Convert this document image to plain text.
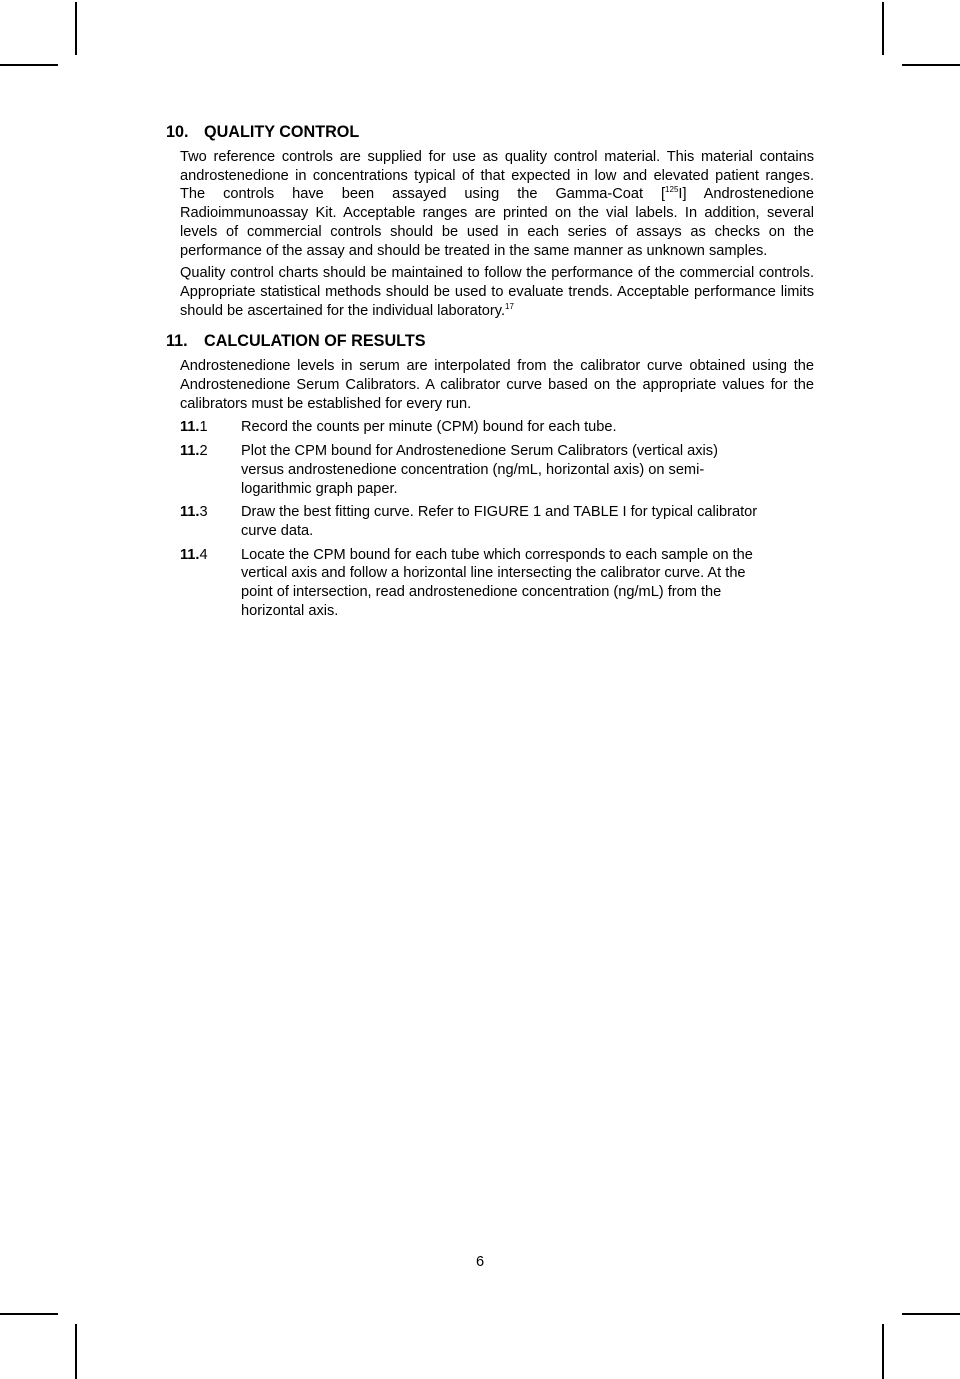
10. QUALITY CONTROL

Two reference controls are supplied for use as quality control material. This material contains androstenedione in concentrations typical of that expected in low and elevated patient ranges. The controls have been assayed using the Gamma-Coat [$^{125}$I] Androstenedione Radioimmunoassay Kit. Acceptable ranges are printed on the vial labels. In addition, several levels of commercial controls should be used in each series of assays as checks on the performance of the assay and should be treated in the same manner as unknown samples.

Quality control charts should be maintained to follow the performance of the commercial controls. Appropriate statistical methods should be used to evaluate trends. Acceptable performance limits should be ascertained for the individual laboratory.$^{17}$

11.	CALCULATION OF RESULTS

Androstenedione levels in serum are interpolated from the calibrator curve obtained using the Androstenedione Serum Calibrators. A calibrator curve based on the appropriate values for the calibrators must be established for every run.

11.1	Record the counts per minute (CPM) bound for each tube.
11.2	Plot the CPM bound for Androstenedione Serum Calibrators (vertical axis) versus androstenedione concentration (ng/mL, horizontal axis) on semi-logarithmic graph paper.
11.3	Draw the best fitting curve. Refer to FIGURE 1 and TABLE I for typical calibrator curve data.
11.4	Locate the CPM bound for each tube which corresponds to each sample on the vertical axis and follow a horizontal line intersecting the calibrator curve. At the point of intersection, read androstenedione concentration (ng/mL) from the horizontal axis.
6
